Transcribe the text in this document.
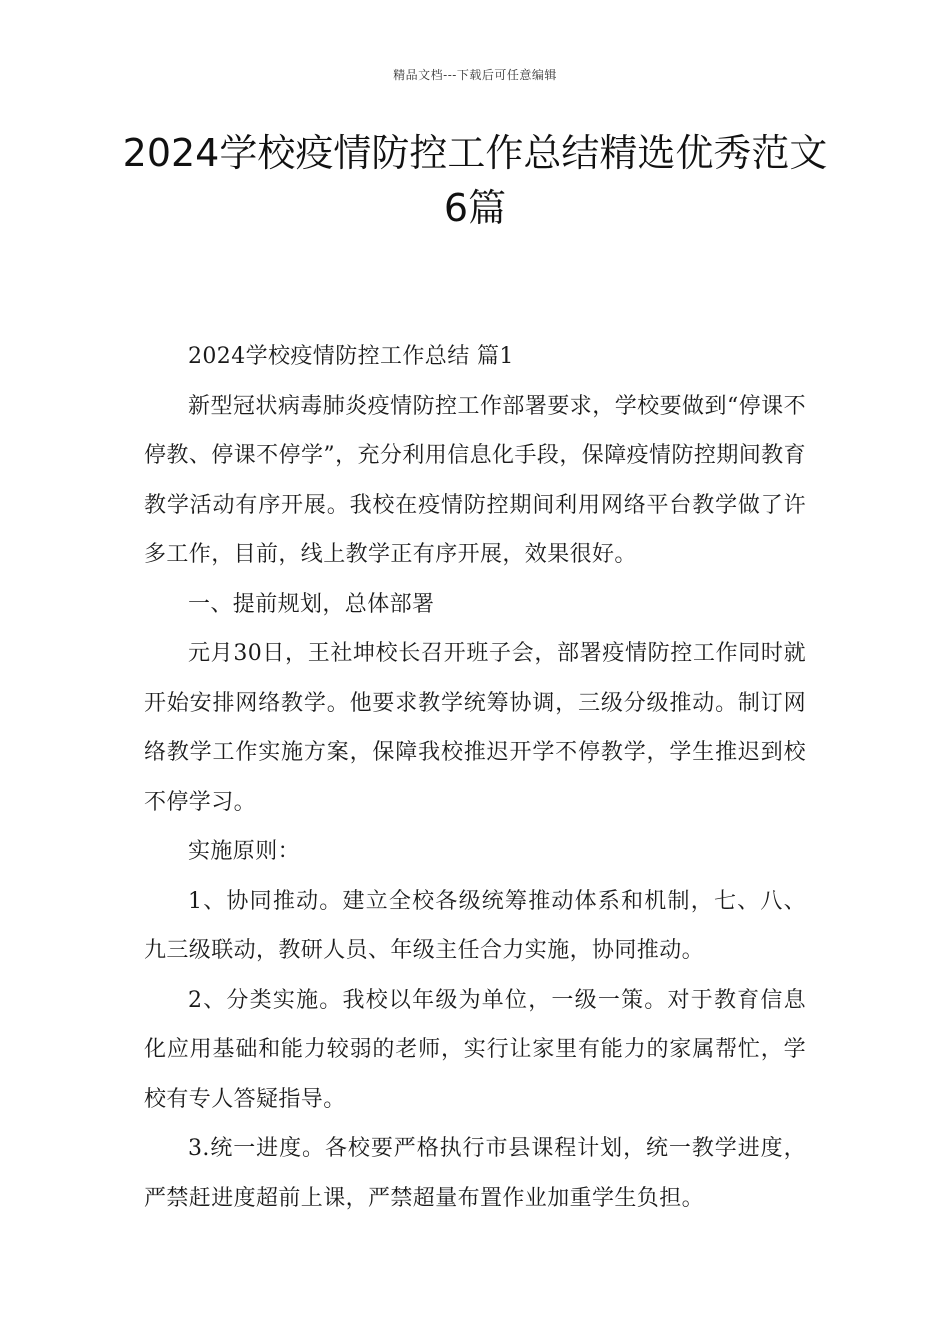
精品文档---下载后可任意编辑
2024学校疫情防控工作总结精选优秀范文6篇

2024学校疫情防控工作总结 篇1

新型冠状病毒肺炎疫情防控工作部署要求，学校要做到“停课不停教、停课不停学”，充分利用信息化手段，保障疫情防控期间教育教学活动有序开展。我校在疫情防控期间利用网络平台教学做了许多工作，目前，线上教学正有序开展，效果很好。

一、提前规划，总体部署

元月30日，王社坤校长召开班子会，部署疫情防控工作同时就开始安排网络教学。他要求教学统筹协调，三级分级推动。制订网络教学工作实施方案，保障我校推迟开学不停教学，学生推迟到校不停学习。

实施原则：

1、协同推动。建立全校各级统筹推动体系和机制，七、八、九三级联动，教研人员、年级主任合力实施，协同推动。

2、分类实施。我校以年级为单位，一级一策。对于教育信息化应用基础和能力较弱的老师，实行让家里有能力的家属帮忙，学校有专人答疑指导。

3.统一进度。各校要严格执行市县课程计划，统一教学进度，严禁赶进度超前上课，严禁超量布置作业加重学生负担。
